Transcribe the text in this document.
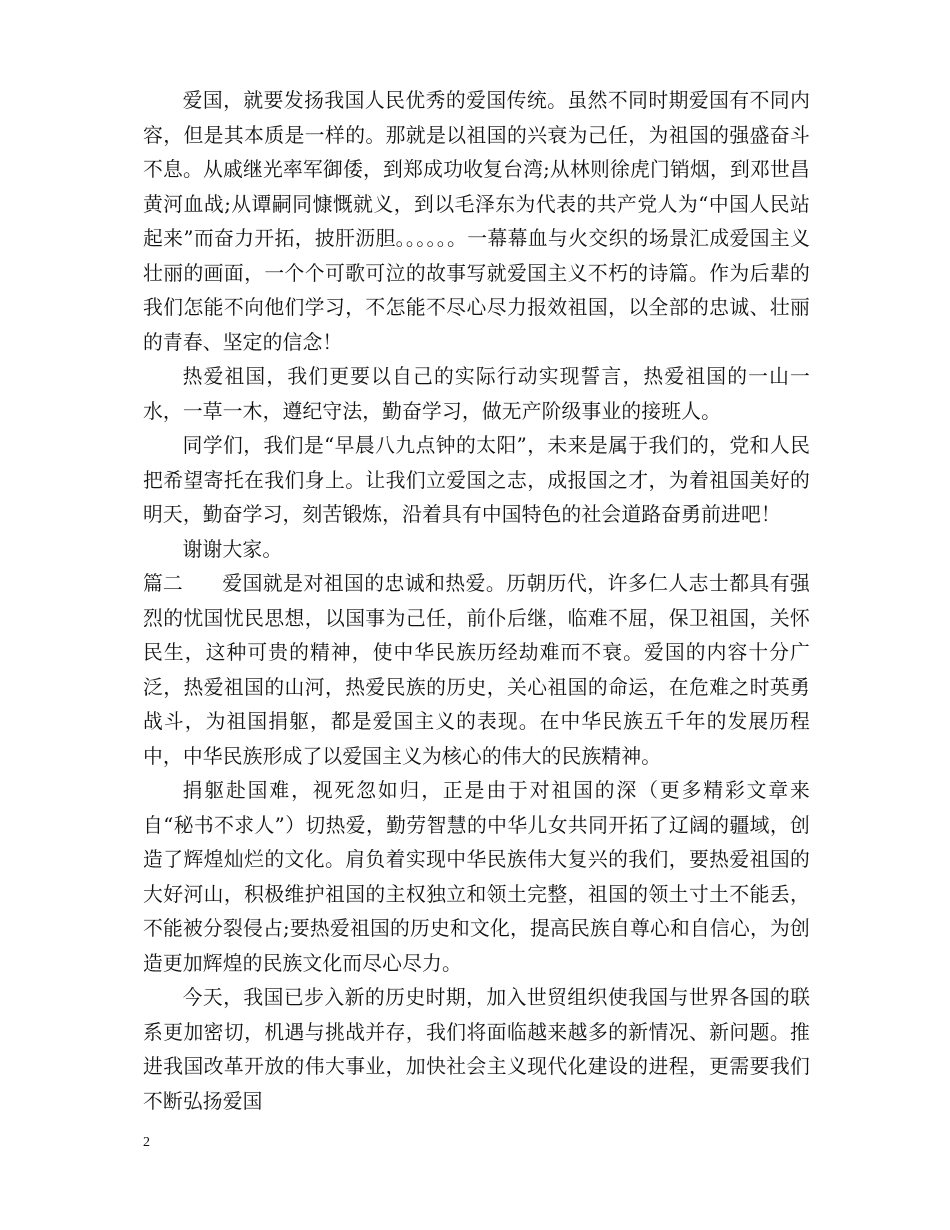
爱国，就要发扬我国人民优秀的爱国传统。虽然不同时期爱国有不同内容，但是其本质是一样的。那就是以祖国的兴衰为己任，为祖国的强盛奋斗不息。从戚继光率军御倭，到郑成功收复台湾;从林则徐虎门销烟，到邓世昌黄河血战;从谭嗣同慷慨就义，到以毛泽东为代表的共产党人为“中国人民站起来”而奋力开拓，披肝沥胆。。。。。。一幕幕血与火交织的场景汇成爱国主义壮丽的画面，一个个可歌可泣的故事写就爱国主义不朽的诗篇。作为后辈的我们怎能不向他们学习，不怎能不尽心尽力报效祖国，以全部的忠诚、壮丽的青春、坚定的信念！

热爱祖国，我们更要以自己的实际行动实现誓言，热爱祖国的一山一水，一草一木，遵纪守法，勤奋学习，做无产阶级事业的接班人。

同学们，我们是“早晨八九点钟的太阳”，未来是属于我们的，党和人民把希望寄托在我们身上。让我们立爱国之志，成报国之才，为着祖国美好的明天，勤奋学习，刻苦锻炼，沿着具有中国特色的社会道路奋勇前进吧！

谢谢大家。

篇二 爱国就是对祖国的忠诚和热爱。历朝历代，许多仁人志士都具有强烈的忧国忧民思想，以国事为己任，前仆后继，临难不屈，保卫祖国，关怀民生，这种可贵的精神，使中华民族历经劫难而不衰。爱国的内容十分广泛，热爱祖国的山河，热爱民族的历史，关心祖国的命运，在危难之时英勇战斗，为祖国捐躯，都是爱国主义的表现。在中华民族五千年的发展历程中，中华民族形成了以爱国主义为核心的伟大的民族精神。

捐躯赴国难，视死忽如归，正是由于对祖国的深（更多精彩文章来自“秘书不求人”）切热爱，勤劳智慧的中华儿女共同开拓了辽阔的疆域，创造了辉煌灿烂的文化。肩负着实现中华民族伟大复兴的我们，要热爱祖国的大好河山，积极维护祖国的主权独立和领土完整，祖国的领土寸土不能丢，不能被分裂侵占;要热爱祖国的历史和文化，提高民族自尊心和自信心，为创造更加辉煌的民族文化而尽心尽力。

今天，我国已步入新的历史时期，加入世贸组织使我国与世界各国的联系更加密切，机遇与挑战并存，我们将面临越来越多的新情况、新问题。推进我国改革开放的伟大事业，加快社会主义现代化建设的进程，更需要我们不断弘扬爱国

2
